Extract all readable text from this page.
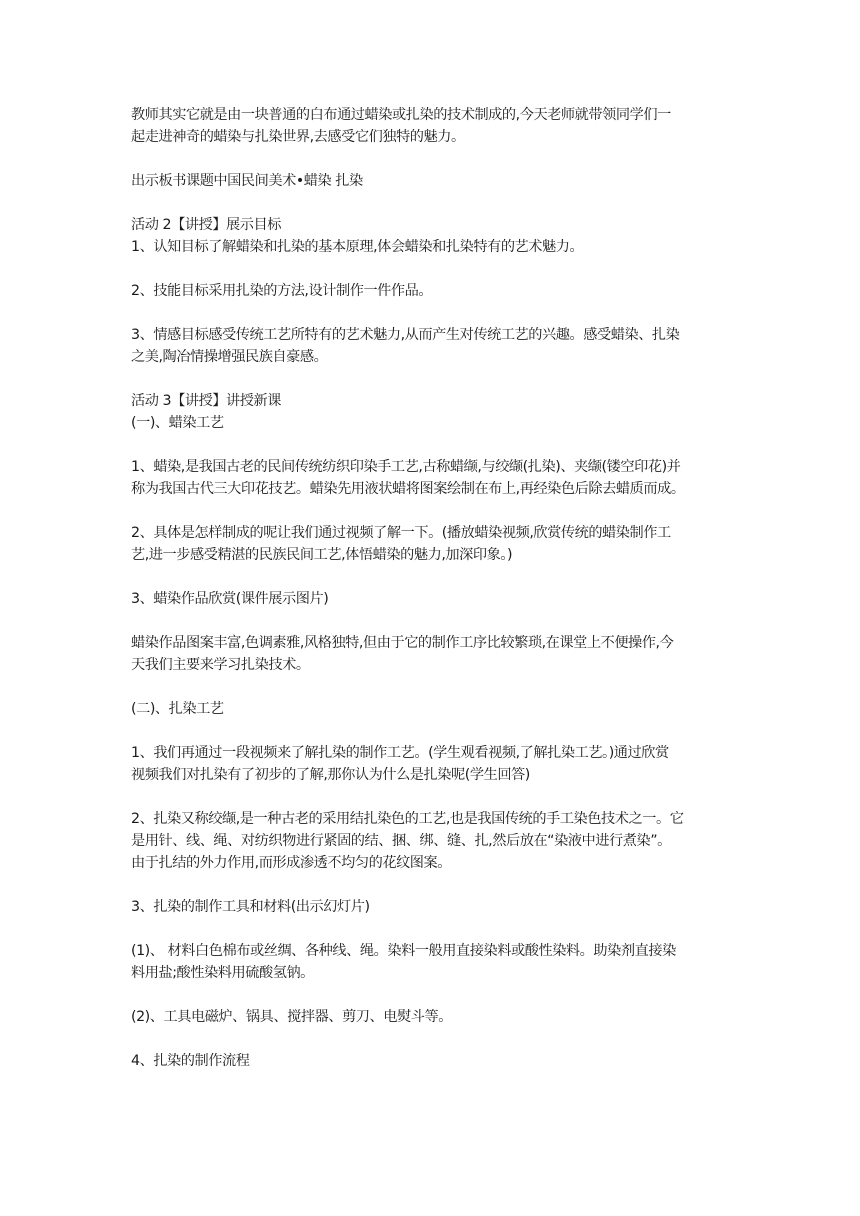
教师其实它就是由一块普通的白布通过蜡染或扎染的技术制成的,今天老师就带领同学们一
起走进神奇的蜡染与扎染世界,去感受它们独特的魅力。
出示板书课题中国民间美术•蜡染 扎染
活动 2【讲授】展示目标
1、认知目标了解蜡染和扎染的基本原理,体会蜡染和扎染特有的艺术魅力。
2、技能目标采用扎染的方法,设计制作一件作品。
3、情感目标感受传统工艺所特有的艺术魅力,从而产生对传统工艺的兴趣。感受蜡染、扎染
之美,陶冶情操增强民族自豪感。
活动 3【讲授】讲授新课
(一)、蜡染工艺
1、蜡染,是我国古老的民间传统纺织印染手工艺,古称蜡缬,与绞缬(扎染)、夹缬(镂空印花)并
称为我国古代三大印花技艺。蜡染先用液状蜡将图案绘制在布上,再经染色后除去蜡质而成。
2、具体是怎样制成的呢让我们通过视频了解一下。(播放蜡染视频,欣赏传统的蜡染制作工
艺,进一步感受精湛的民族民间工艺,体悟蜡染的魅力,加深印象。)
3、蜡染作品欣赏(课件展示图片)
蜡染作品图案丰富,色调素雅,风格独特,但由于它的制作工序比较繁琐,在课堂上不便操作,今
天我们主要来学习扎染技术。
(二)、扎染工艺
1、我们再通过一段视频来了解扎染的制作工艺。(学生观看视频,了解扎染工艺。)通过欣赏
视频我们对扎染有了初步的了解,那你认为什么是扎染呢(学生回答)
2、扎染又称绞缬,是一种古老的采用结扎染色的工艺,也是我国传统的手工染色技术之一。它
是用针、线、绳、对纺织物进行紧固的结、捆、绑、缝、扎,然后放在“染液中进行煮染”。
由于扎结的外力作用,而形成渗透不均匀的花纹图案。
3、扎染的制作工具和材料(出示幻灯片)
(1)、 材料白色棉布或丝绸、各种线、绳。染料一般用直接染料或酸性染料。助染剂直接染
料用盐;酸性染料用硫酸氢钠。
(2)、工具电磁炉、锅具、搅拌器、剪刀、电熨斗等。
4、扎染的制作流程
